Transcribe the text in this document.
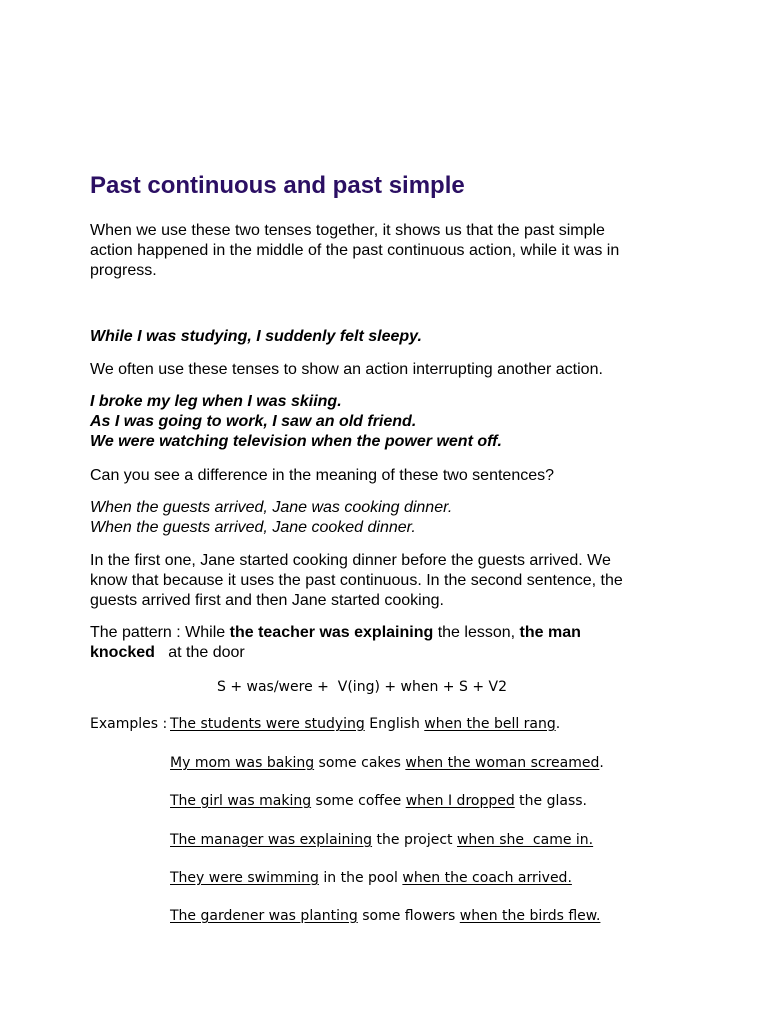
Past continuous and past simple

When we use these two tenses together, it shows us that the past simple
action happened in the middle of the past continuous action, while it was in
progress.

While I was studying, I suddenly felt sleepy.

We often use these tenses to show an action interrupting another action.

I broke my leg when I was skiing.
As I was going to work, I saw an old friend.
We were watching television when the power went off.

Can you see a difference in the meaning of these two sentences?

When the guests arrived, Jane was cooking dinner.
When the guests arrived, Jane cooked dinner.

In the first one, Jane started cooking dinner before the guests arrived. We
know that because it uses the past continuous. In the second sentence, the
guests arrived first and then Jane started cooking.

The pattern : While the teacher was explaining the lesson, the man
knocked   at the door

S + was/were +  V(ing) + when + S + V2
Examples : The students were studying English when the bell rang.
My mom was baking some cakes when the woman screamed.
The girl was making some coffee when I dropped the glass.
The manager was explaining the project when she  came in.
They were swimming in the pool when the coach arrived.
The gardener was planting some flowers when the birds flew.
